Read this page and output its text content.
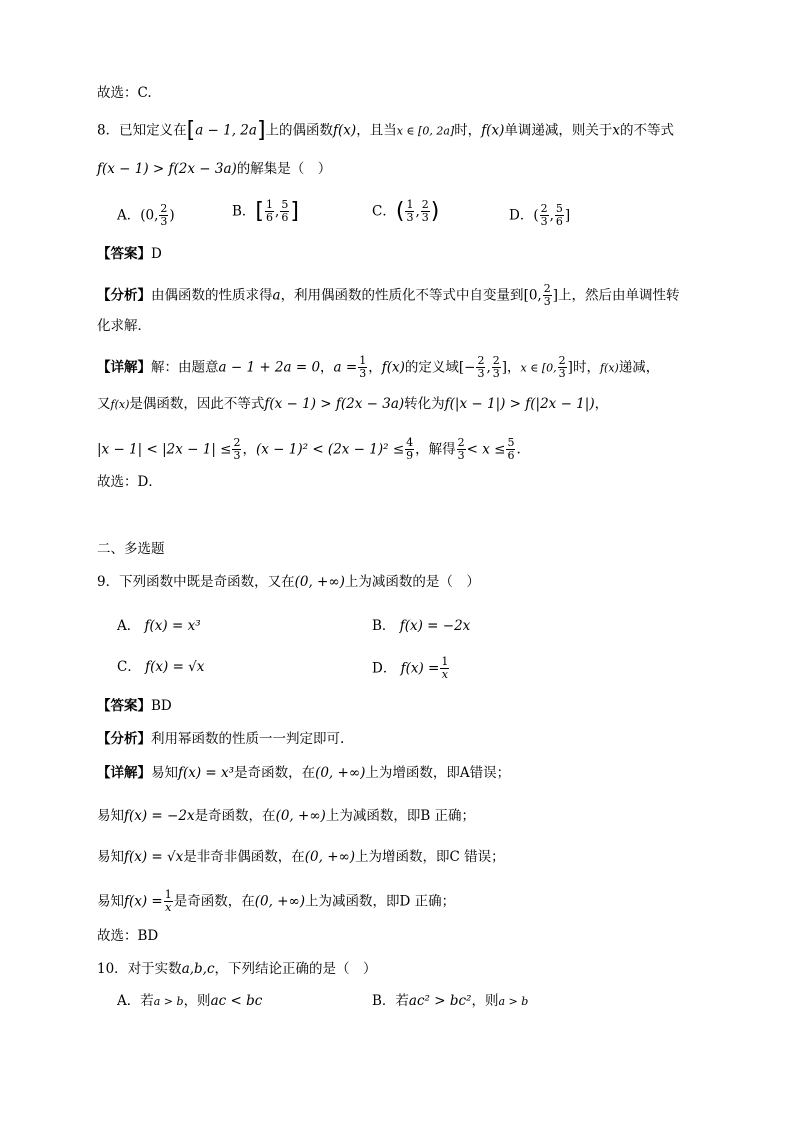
故选：C.
8．已知定义在[a − 1, 2a]上的偶函数f(x)，且当x ∈ [0, 2a]时，f(x)单调递减，则关于x的不等式
f(x − 1) > f(2x − 3a)的解集是（　）
A．(0, $\frac{2}{3}$ )	B．[ $\frac{1}{6}$ , $\frac{5}{6}$ ]	C．( $\frac{1}{3}$ , $\frac{2}{3}$ )	D．( $\frac{2}{3}$ , $\frac{5}{6}$ ]
【答案】D
【分析】由偶函数的性质求得a，利用偶函数的性质化不等式中自变量到[0, $\frac{2}{3}$ ]上，然后由单调性转
化求解．
【详解】解：由题意a − 1 + 2a = 0，$a = \frac{1}{3}$ ，f(x)的定义域[− $\frac{2}{3}$ , $\frac{2}{3}$ ]，x ∈ [0, $\frac{2}{3}$ ]时，f(x)递减，
又f(x)是偶函数，因此不等式f(x − 1) > f(2x − 3a)转化为f(|x − 1|) > f(|2x − 1|)，
$|x - 1| < |2x - 1| \le \frac{2}{3}$ ，$(x - 1)^2 < (2x - 1)^2 \le \frac{4}{9}$ ，解得 $\frac{2}{3} < x \le \frac{5}{6}$ .
故选：D．
二、多选题
9．下列函数中既是奇函数，又在(0, +∞)上为减函数的是（　）
A． f(x) = x³	B． f(x) = −2x
C． f(x) = √x	D． $f(x) = \frac{1}{x}$
【答案】BD
【分析】利用幂函数的性质一一判定即可.
【详解】易知f(x) = x³是奇函数，在(0, +∞)上为增函数，即A错误；
易知f(x) = −2x是奇函数，在(0, +∞)上为减函数，即B 正确；
易知f(x) = √x是非奇非偶函数，在(0, +∞)上为增函数，即C 错误；
易知$f(x) = \frac{1}{x}$ 是奇函数，在(0, +∞)上为减函数，即D 正确；
故选：BD
10．对于实数a,b,c，下列结论正确的是（　）
A．若a > b，则ac < bc	B．若ac² > bc²，则a > b
